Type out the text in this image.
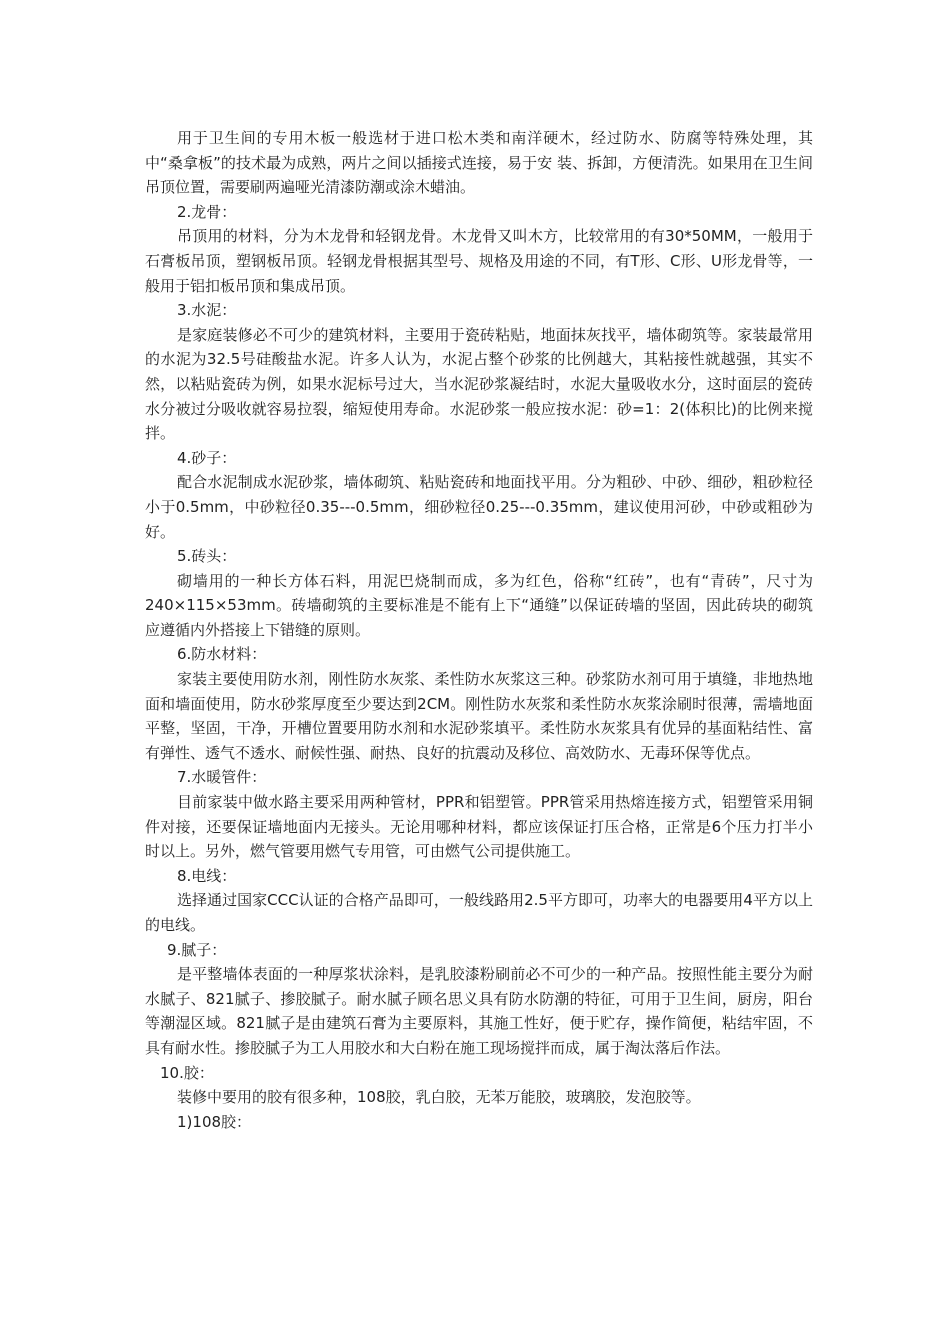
用于卫生间的专用木板一般选材于进口松木类和南洋硬木，经过防水、防腐等特殊处理，其中“桑拿板”的技术最为成熟，两片之间以插接式连接，易于安 装、拆卸，方便清洗。如果用在卫生间吊顶位置，需要刷两遍哑光清漆防潮或涂木蜡油。

2.龙骨：

吊顶用的材料，分为木龙骨和轻钢龙骨。木龙骨又叫木方，比较常用的有30*50MM，一般用于石膏板吊顶，塑钢板吊顶。轻钢龙骨根据其型号、规格及用途的不同，有T形、C形、U形龙骨等，一般用于铝扣板吊顶和集成吊顶。

3.水泥：

是家庭装修必不可少的建筑材料，主要用于瓷砖粘贴，地面抹灰找平，墙体砌筑等。家装最常用的水泥为32.5号硅酸盐水泥。许多人认为，水泥占整个砂浆的比例越大，其粘接性就越强，其实不然，以粘贴瓷砖为例，如果水泥标号过大，当水泥砂浆凝结时，水泥大量吸收水分，这时面层的瓷砖水分被过分吸收就容易拉裂，缩短使用寿命。水泥砂浆一般应按水泥：砂=1：2(体积比)的比例来搅拌。

4.砂子：

配合水泥制成水泥砂浆，墙体砌筑、粘贴瓷砖和地面找平用。分为粗砂、中砂、细砂，粗砂粒径小于0.5mm，中砂粒径0.35---0.5mm，细砂粒径0.25---0.35mm，建议使用河砂，中砂或粗砂为好。

5.砖头：

砌墙用的一种长方体石料，用泥巴烧制而成，多为红色，俗称“红砖”，也有“青砖”，尺寸为240×115×53mm。砖墙砌筑的主要标准是不能有上下“通缝”以保证砖墙的坚固，因此砖块的砌筑应遵循内外搭接上下错缝的原则。

6.防水材料：

家装主要使用防水剂，刚性防水灰浆、柔性防水灰浆这三种。砂浆防水剂可用于填缝，非地热地面和墙面使用，防水砂浆厚度至少要达到2CM。刚性防水灰浆和柔性防水灰浆涂刷时很薄，需墙地面平整，坚固，干净，开槽位置要用防水剂和水泥砂浆填平。柔性防水灰浆具有优异的基面粘结性、富有弹性、透气不透水、耐候性强、耐热、良好的抗震动及移位、高效防水、无毒环保等优点。

7.水暖管件：

目前家装中做水路主要采用两种管材，PPR和铝塑管。PPR管采用热熔连接方式，铝塑管采用铜件对接，还要保证墙地面内无接头。无论用哪种材料，都应该保证打压合格，正常是6个压力打半小时以上。另外，燃气管要用燃气专用管，可由燃气公司提供施工。

8.电线：

选择通过国家CCC认证的合格产品即可，一般线路用2.5平方即可，功率大的电器要用4平方以上的电线。

9.腻子：

是平整墙体表面的一种厚浆状涂料，是乳胶漆粉刷前必不可少的一种产品。按照性能主要分为耐水腻子、821腻子、掺胶腻子。耐水腻子顾名思义具有防水防潮的特征，可用于卫生间，厨房，阳台等潮湿区域。821腻子是由建筑石膏为主要原料，其施工性好，便于贮存，操作简便，粘结牢固，不具有耐水性。掺胶腻子为工人用胶水和大白粉在施工现场搅拌而成，属于淘汰落后作法。

10.胶：

装修中要用的胶有很多种，108胶，乳白胶，无苯万能胶，玻璃胶，发泡胶等。

1)108胶：
